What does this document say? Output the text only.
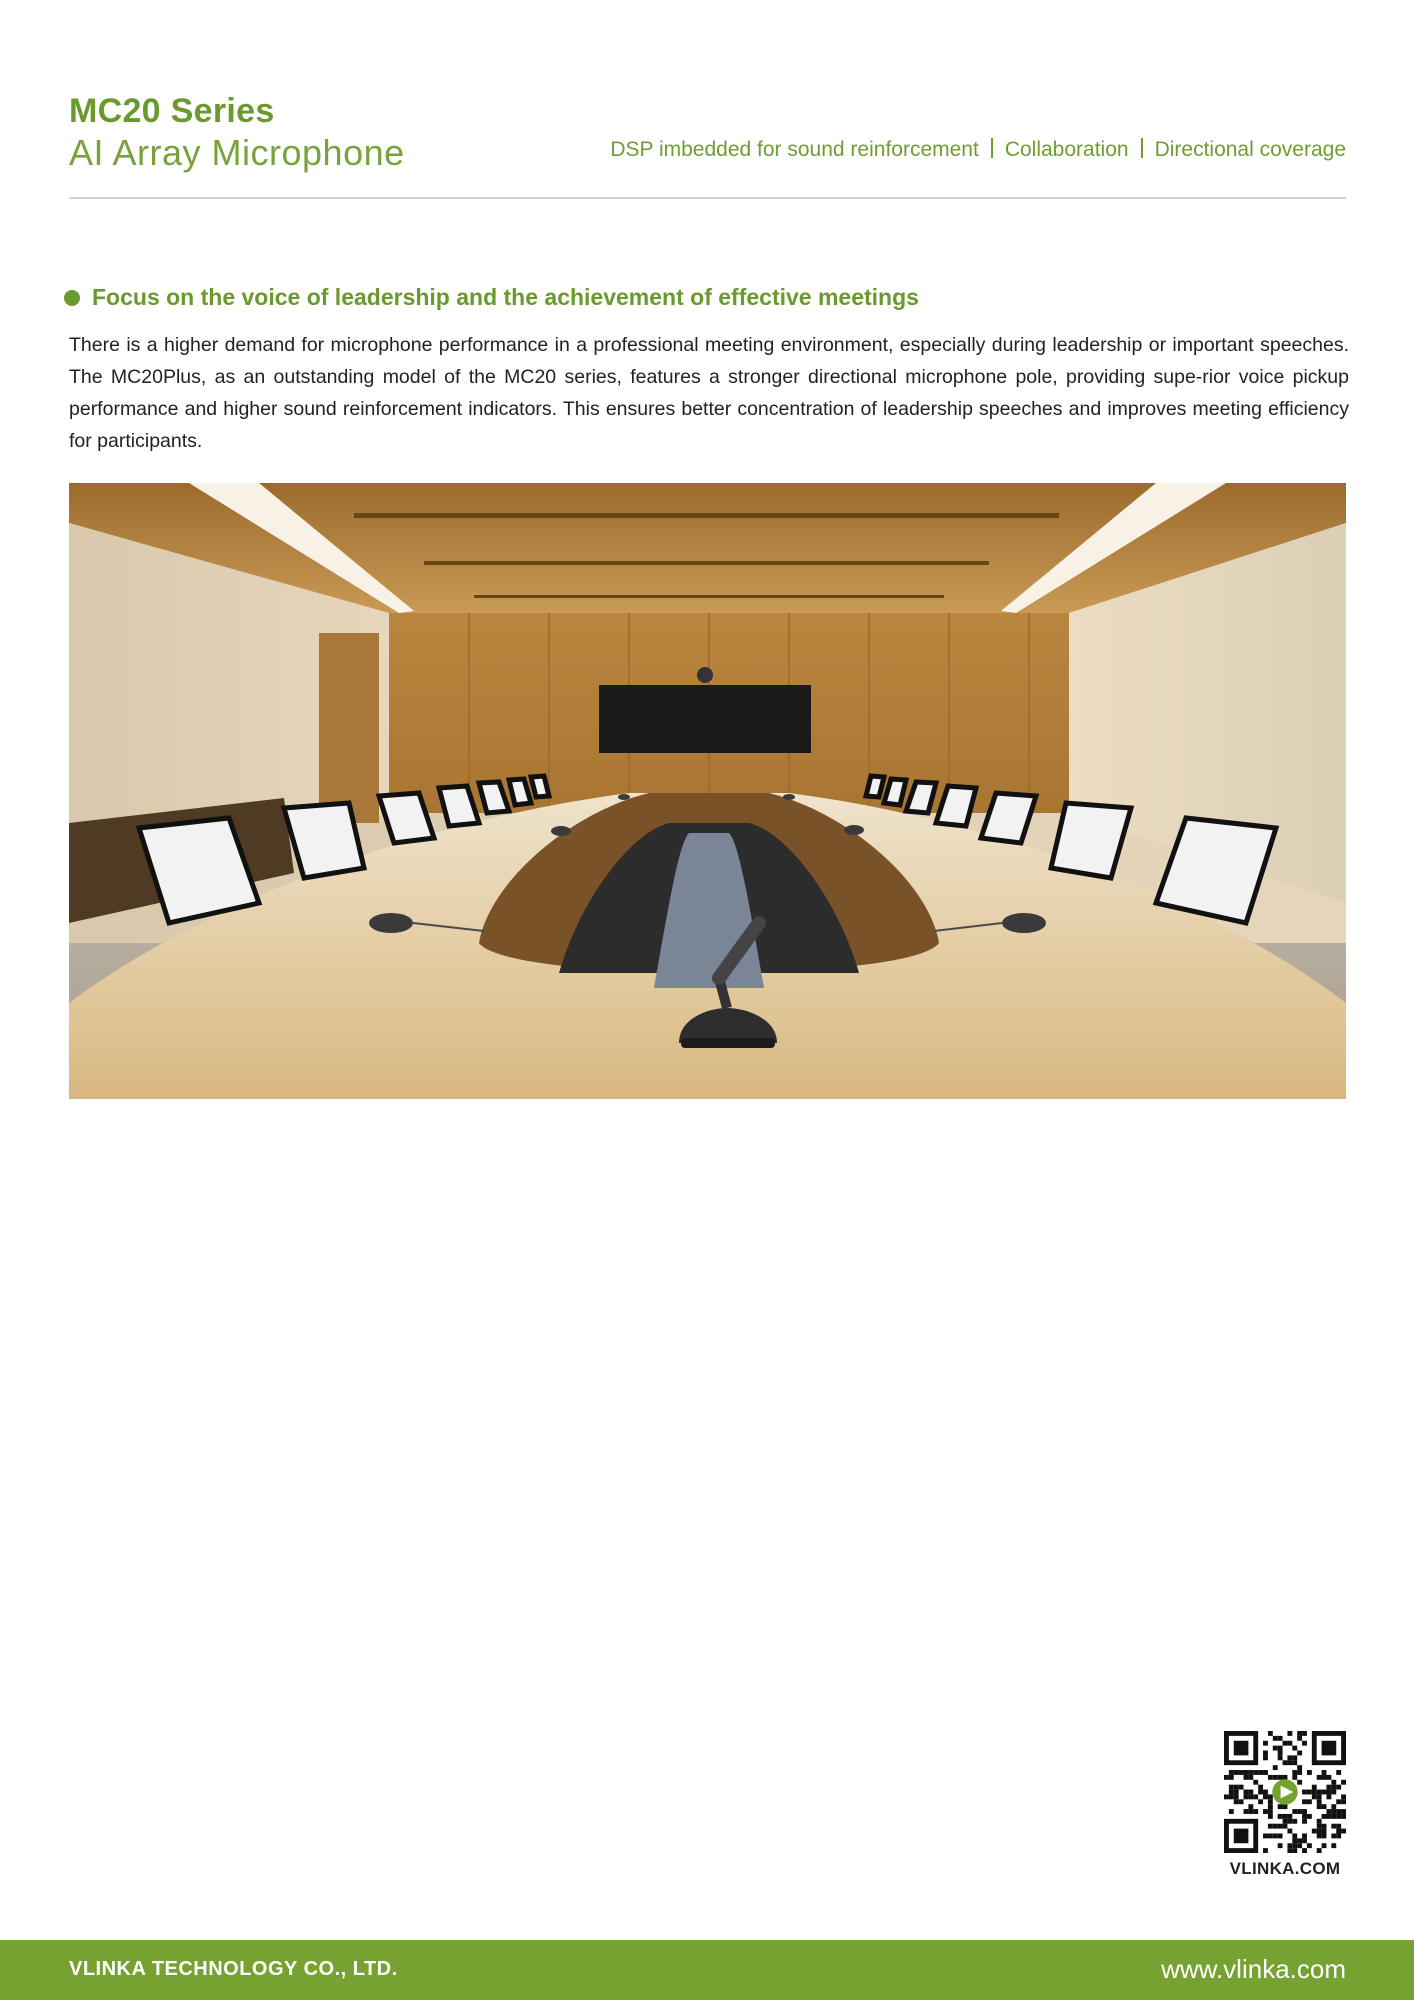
MC20 Series
AI Array Microphone	DSP imbedded for sound reinforcement Collaboration Directional coverage
Focus on the voice of leadership and the achievement of effective meetings
There is a higher demand for microphone performance in a professional meeting environment, especially during leadership or important speeches. The MC20Plus, as an outstanding model of the MC20 series, features a stronger directional microphone pole, providing supe-rior voice pickup performance and higher sound reinforcement indicators. This ensures better concentration of leadership speeches and improves meeting efficiency for participants.
VLINKA.COM
VLINKA TECHNOLOGY CO., LTD.	www.vlinka.com
